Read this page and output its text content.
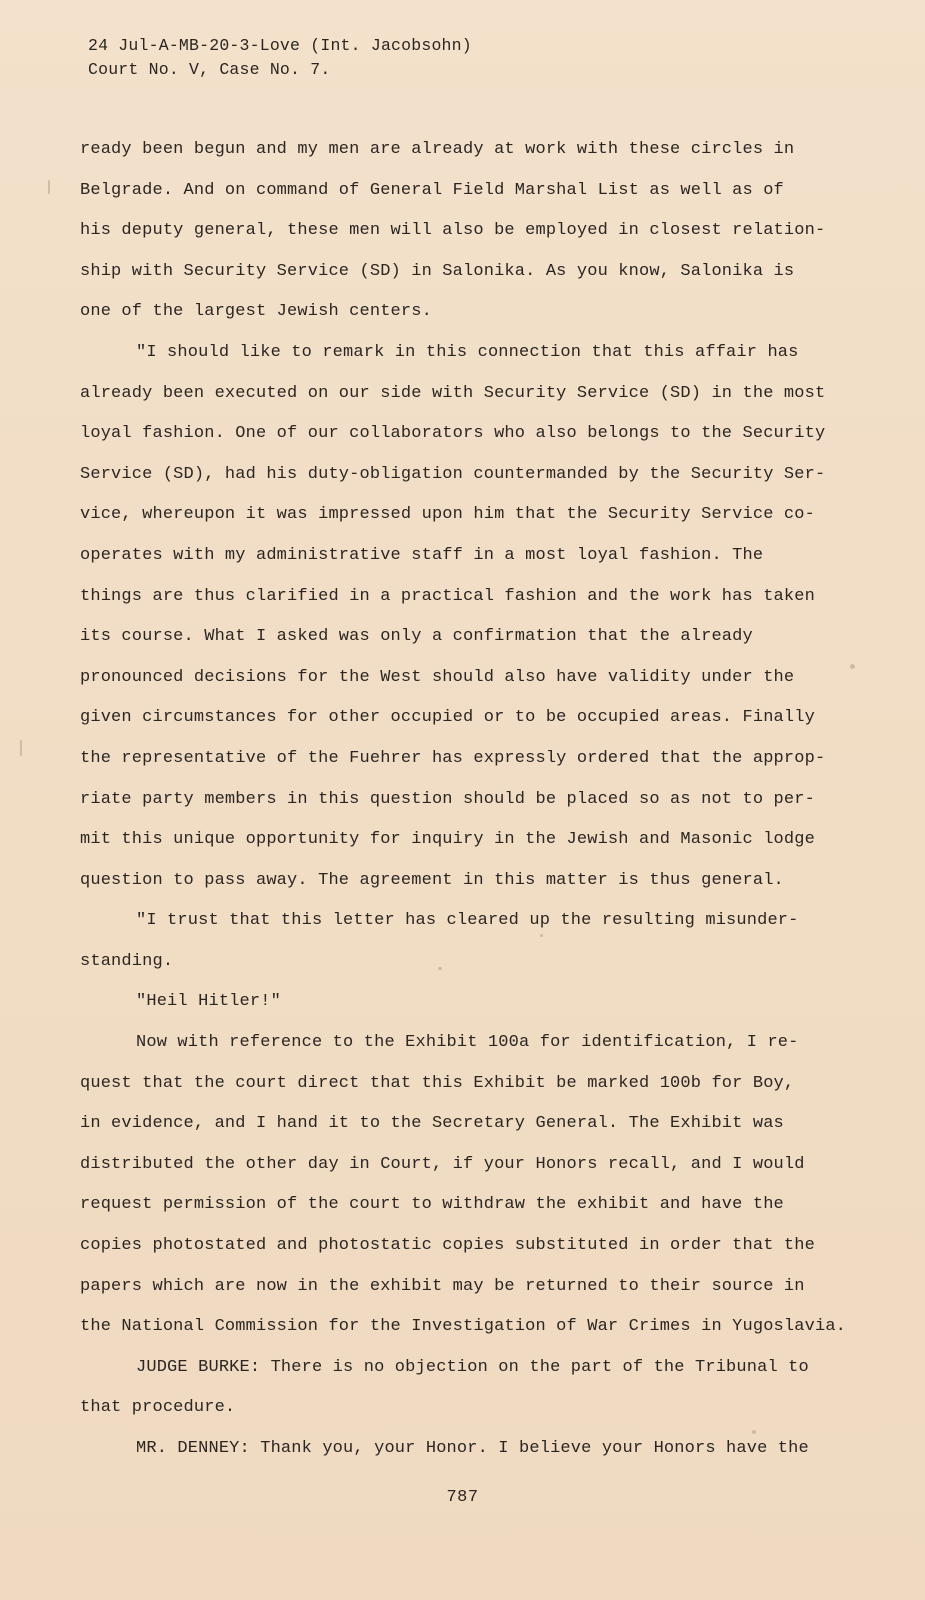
24 Jul-A-MB-20-3-Love (Int. Jacobsohn)
Court No. V, Case No. 7.
ready been begun and my men are already at work with these circles in
Belgrade. And on command of General Field Marshal List as well as of
his deputy general, these men will also be employed in closest relation-
ship with Security Service (SD) in Salonika. As you know, Salonika is
one of the largest Jewish centers.
"I should like to remark in this connection that this affair has
already been executed on our side with Security Service (SD) in the most
loyal fashion. One of our collaborators who also belongs to the Security
Service (SD), had his duty-obligation countermanded by the Security Ser-
vice, whereupon it was impressed upon him that the Security Service co-
operates with my administrative staff in a most loyal fashion. The
things are thus clarified in a practical fashion and the work has taken
its course. What I asked was only a confirmation that the already
pronounced decisions for the West should also have validity under the
given circumstances for other occupied or to be occupied areas. Finally
the representative of the Fuehrer has expressly ordered that the approp-
riate party members in this question should be placed so as not to per-
mit this unique opportunity for inquiry in the Jewish and Masonic lodge
question to pass away. The agreement in this matter is thus general.
"I trust that this letter has cleared up the resulting misunder-
standing.
"Heil Hitler!"
Now with reference to the Exhibit 100a for identification, I re-
quest that the court direct that this Exhibit be marked 100b for Boy,
in evidence, and I hand it to the Secretary General. The Exhibit was
distributed the other day in Court, if your Honors recall, and I would
request permission of the court to withdraw the exhibit and have the
copies photostated and photostatic copies substituted in order that the
papers which are now in the exhibit may be returned to their source in
the National Commission for the Investigation of War Crimes in Yugoslavia.
JUDGE BURKE: There is no objection on the part of the Tribunal to
that procedure.
MR. DENNEY: Thank you, your Honor. I believe your Honors have the
787
